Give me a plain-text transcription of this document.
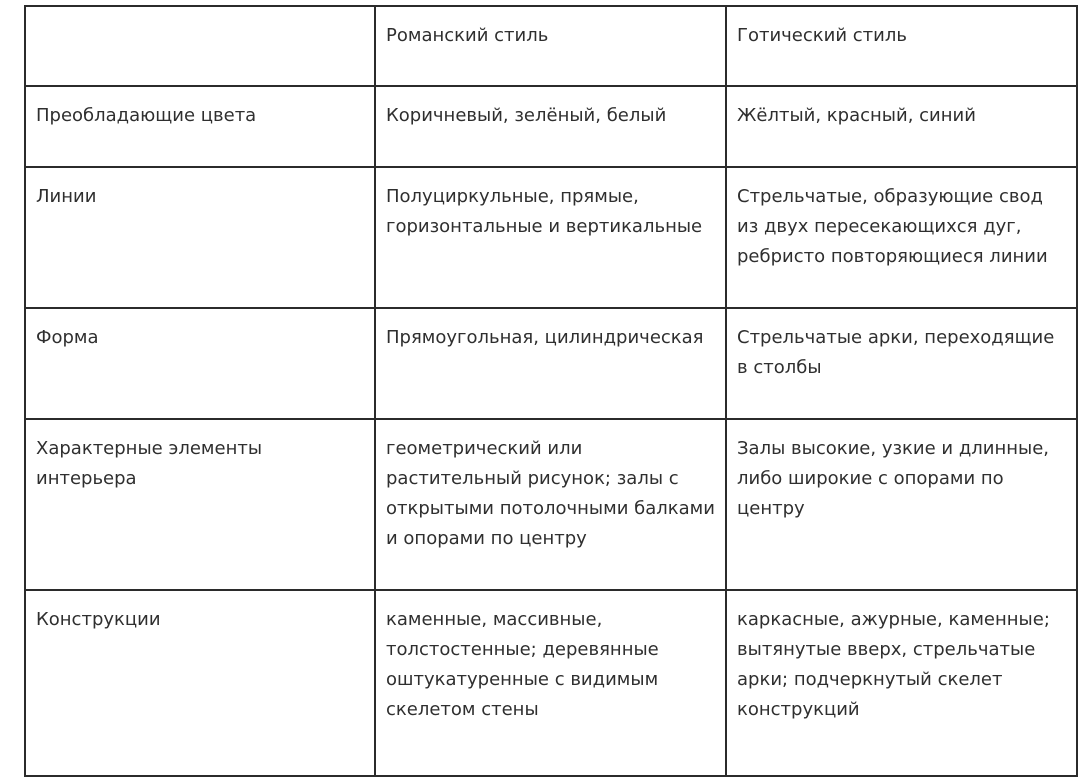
	Романский стиль	Готический стиль
Преобладающие цвета	Коричневый, зелёный, белый	Жёлтый, красный, синий
Линии	Полуциркульные, прямые, горизонтальные и вертикальные	Стрельчатые, образующие свод из двух пересекающихся дуг, ребристо повторяющиеся линии
Форма	Прямоугольная, цилиндрическая	Стрельчатые арки, переходящие в столбы
Характерные элементы интерьера	геометрический или растительный рисунок; залы с открытыми потолочными балками и опорами по центру	Залы высокие, узкие и длинные, либо широкие с опорами по центру
Конструкции	каменные, массивные, толстостенные; деревянные оштукатуренные с видимым скелетом стены	каркасные, ажурные, каменные; вытянутые вверх, стрельчатые арки; подчеркнутый скелет конструкций
